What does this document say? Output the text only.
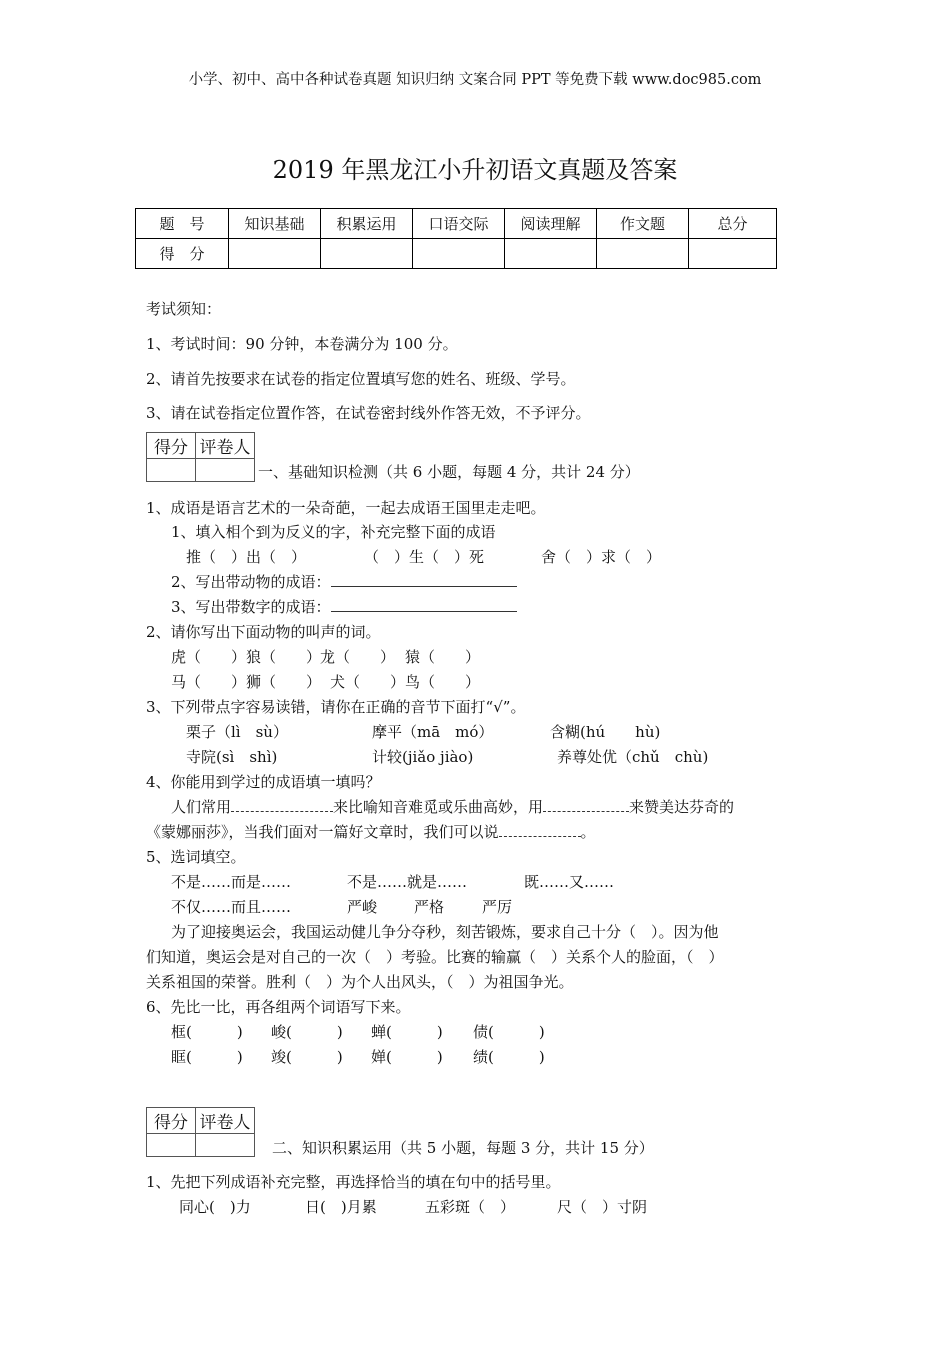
小学、初中、高中各种试卷真题 知识归纳 文案合同 PPT 等免费下载 www.doc985.com
2019 年黑龙江小升初语文真题及答案
题　号	知识基础	积累运用	口语交际	阅读理解	作文题	总分
得　分						
考试须知：
1、考试时间：90 分钟，本卷满分为 100 分。
2、请首先按要求在试卷的指定位置填写您的姓名、班级、学号。
3、请在试卷指定位置作答，在试卷密封线外作答无效，不予评分。
得分	评卷人

一、基础知识检测（共 6 小题，每题 4 分，共计 24 分）
1、成语是语言艺术的一朵奇葩，一起去成语王国里走走吧。
1、填入相个到为反义的字，补充完整下面的成语
推（　）出（　）	（　）生（　）死	舍（　）求（　）
2、写出带动物的成语：
3、写出带数字的成语：
2、请你写出下面动物的叫声的词。
虎（　　） 狼（　　）
龙（　　） 猿（　　）
马（　　） 狮（　　） 犬（　　） 鸟（　　）
3、下列带点字容易读错，请你在正确的音节下面打“√”。
栗子（lì　sù）	摩平（mā　mó）	含糊(hú　　hù)
寺院(sì　shì)	计较(jiǎo jiào)	养尊处优（chǔ　chù)
4、你能用到学过的成语填一填吗？
人们常用	来比喻知音难觅或乐曲高妙，用	来赞美达芬奇的
《蒙娜丽莎》，当我们面对一篇好文章时，我们可以说	。
5、选词填空。
不是……而是……	不是……就是……	既……又……
不仅……而且……	严峻 严格	严厉
为了迎接奥运会，我国运动健儿争分夺秒，刻苦锻炼，要求自己十分（　）。因为他
们知道，奥运会是对自己的一次（　）考验。比赛的输赢（　）关系个人的脸面，（　）
关系祖国的荣誉。胜利（　）为个人出风头，（　）为祖国争光。
6、先比一比，再各组两个词语写下来。
框(　　　) 峻(　　　) 蝉(　　　) 债(　　　)
眶(　　　) 竣(　　　) 婵(　　　) 绩(　　　)
得分	评卷人

二、知识积累运用（共 5 小题，每题 3 分，共计 15 分）
1、先把下列成语补充完整，再选择恰当的填在句中的括号里。
同心(　)力	日(　)月累	五彩斑（　）	尺（　）寸阴
